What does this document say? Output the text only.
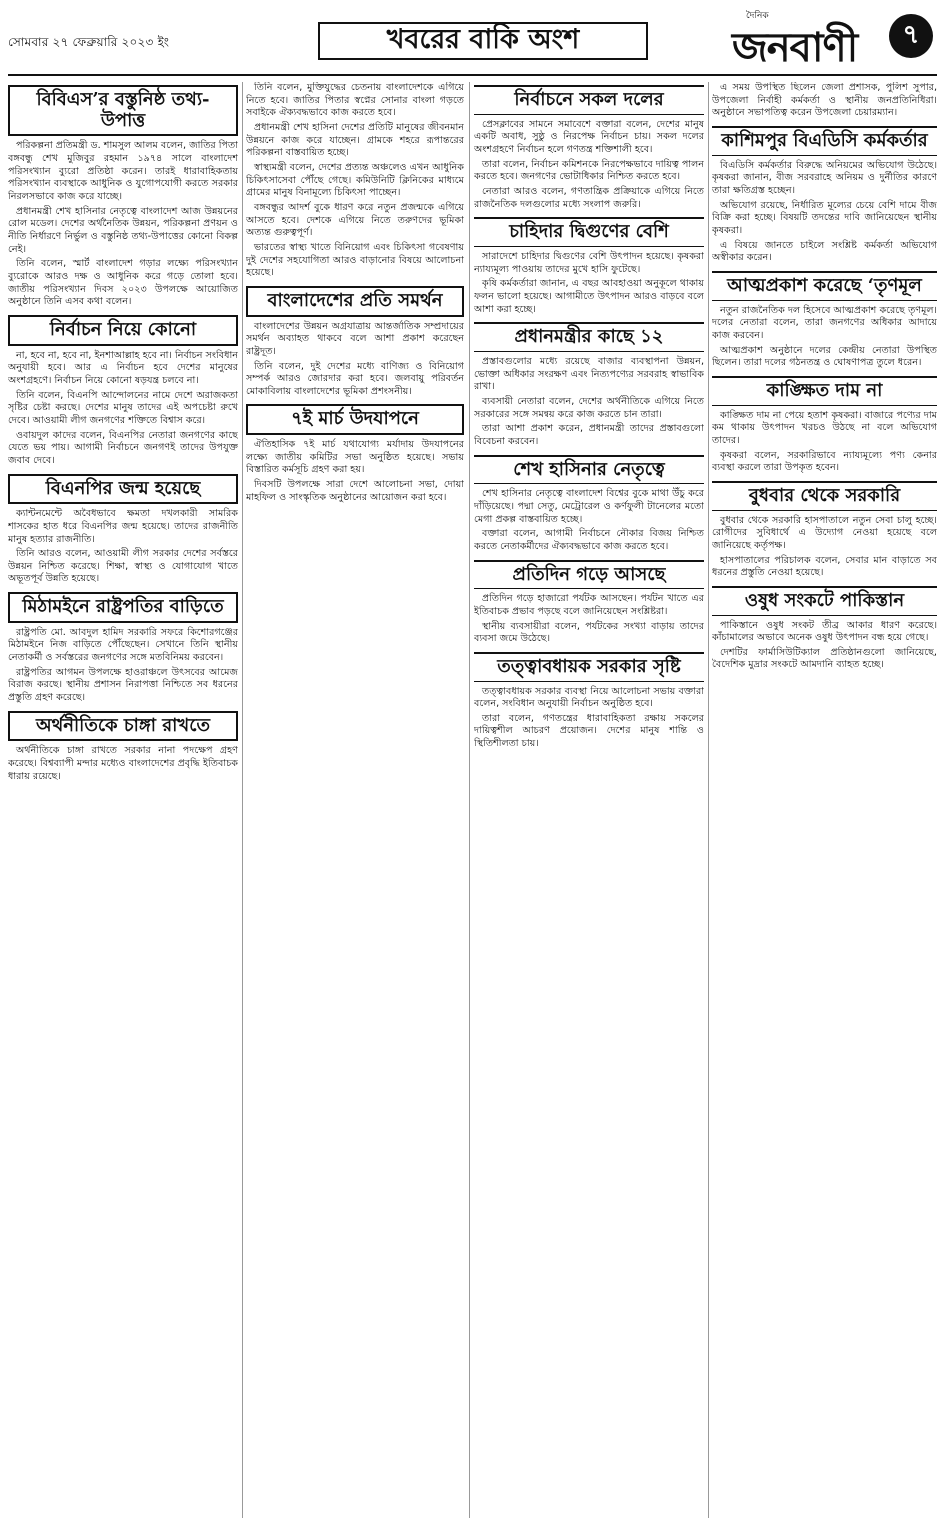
সোমবার ২৭ ফেব্রুয়ারি ২০২৩ ইং	খবরের বাকি অংশ
দৈনিক
জনবাণী	৭
বিবিএস’র বস্তুনিষ্ঠ তথ্য-উপাত্ত

পরিকল্পনা প্রতিমন্ত্রী ড. শামসুল আলম বলেন, জাতির পিতা বঙ্গবন্ধু শেখ মুজিবুর রহমান ১৯৭৪ সালে বাংলাদেশ পরিসংখ্যান ব্যুরো প্রতিষ্ঠা করেন। তারই ধারাবাহিকতায় পরিসংখ্যান ব্যবস্থাকে আধুনিক ও যুগোপযোগী করতে সরকার নিরলসভাবে কাজ করে যাচ্ছে।

প্রধানমন্ত্রী শেখ হাসিনার নেতৃত্বে বাংলাদেশ আজ উন্নয়নের রোল মডেল। দেশের অর্থনৈতিক উন্নয়ন, পরিকল্পনা প্রণয়ন ও নীতি নির্ধারণে নির্ভুল ও বস্তুনিষ্ঠ তথ্য-উপাত্তের কোনো বিকল্প নেই।

তিনি বলেন, স্মার্ট বাংলাদেশ গড়ার লক্ষ্যে পরিসংখ্যান ব্যুরোকে আরও দক্ষ ও আধুনিক করে গড়ে তোলা হবে। জাতীয় পরিসংখ্যান দিবস ২০২৩ উপলক্ষে আয়োজিত অনুষ্ঠানে তিনি এসব কথা বলেন।

নির্বাচন নিয়ে কোনো

না, হবে না, হবে না, ইনশাআল্লাহ হবে না। নির্বাচন সংবিধান অনুযায়ী হবে। আর এ নির্বাচন হবে দেশের মানুষের অংশগ্রহণে। নির্বাচন নিয়ে কোনো ষড়যন্ত্র চলবে না।

তিনি বলেন, বিএনপি আন্দোলনের নামে দেশে অরাজকতা সৃষ্টির চেষ্টা করছে। দেশের মানুষ তাদের এই অপচেষ্টা রুখে দেবে। আওয়ামী লীগ জনগণের শক্তিতে বিশ্বাস করে।

ওবায়দুল কাদের বলেন, বিএনপির নেতারা জনগণের কাছে যেতে ভয় পায়। আগামী নির্বাচনে জনগণই তাদের উপযুক্ত জবাব দেবে।

বিএনপির জন্ম হয়েছে

ক্যান্টনমেন্টে অবৈধভাবে ক্ষমতা দখলকারী সামরিক শাসকের হাত ধরে বিএনপির জন্ম হয়েছে। তাদের রাজনীতি মানুষ হত্যার রাজনীতি।

তিনি আরও বলেন, আওয়ামী লীগ সরকার দেশের সর্বস্তরে উন্নয়ন নিশ্চিত করেছে। শিক্ষা, স্বাস্থ্য ও যোগাযোগ খাতে অভূতপূর্ব উন্নতি হয়েছে।

মিঠামইনে রাষ্ট্রপতির বাড়িতে

রাষ্ট্রপতি মো. আবদুল হামিদ সরকারি সফরে কিশোরগঞ্জের মিঠামইনে নিজ বাড়িতে পৌঁছেছেন। সেখানে তিনি স্থানীয় নেতাকর্মী ও সর্বস্তরের জনগণের সঙ্গে মতবিনিময় করবেন।

রাষ্ট্রপতির আগমন উপলক্ষে হাওরাঞ্চলে উৎসবের আমেজ বিরাজ করছে। স্থানীয় প্রশাসন নিরাপত্তা নিশ্চিতে সব ধরনের প্রস্তুতি গ্রহণ করেছে।

অর্থনীতিকে চাঙ্গা রাখতে

অর্থনীতিকে চাঙ্গা রাখতে সরকার নানা পদক্ষেপ গ্রহণ করেছে। বিশ্বব্যাপী মন্দার মধ্যেও বাংলাদেশের প্রবৃদ্ধি ইতিবাচক ধারায় রয়েছে।

তিনি বলেন, মুক্তিযুদ্ধের চেতনায় বাংলাদেশকে এগিয়ে নিতে হবে। জাতির পিতার স্বপ্নের সোনার বাংলা গড়তে সবাইকে ঐক্যবদ্ধভাবে কাজ করতে হবে।

প্রধানমন্ত্রী শেখ হাসিনা দেশের প্রতিটি মানুষের জীবনমান উন্নয়নে কাজ করে যাচ্ছেন। গ্রামকে শহরে রূপান্তরের পরিকল্পনা বাস্তবায়িত হচ্ছে।

স্বাস্থ্যমন্ত্রী বলেন, দেশের প্রত্যন্ত অঞ্চলেও এখন আধুনিক চিকিৎসাসেবা পৌঁছে গেছে। কমিউনিটি ক্লিনিকের মাধ্যমে গ্রামের মানুষ বিনামূল্যে চিকিৎসা পাচ্ছেন।

বঙ্গবন্ধুর আদর্শ বুকে ধারণ করে নতুন প্রজন্মকে এগিয়ে আসতে হবে। দেশকে এগিয়ে নিতে তরুণদের ভূমিকা অত্যন্ত গুরুত্বপূর্ণ।

ভারতের স্বাস্থ্য খাতে বিনিয়োগ এবং চিকিৎসা গবেষণায় দুই দেশের সহযোগিতা আরও বাড়ানোর বিষয়ে আলোচনা হয়েছে।

বাংলাদেশের প্রতি সমর্থন

বাংলাদেশের উন্নয়ন অগ্রযাত্রায় আন্তর্জাতিক সম্প্রদায়ের সমর্থন অব্যাহত থাকবে বলে আশা প্রকাশ করেছেন রাষ্ট্রদূত।

তিনি বলেন, দুই দেশের মধ্যে বাণিজ্য ও বিনিয়োগ সম্পর্ক আরও জোরদার করা হবে। জলবায়ু পরিবর্তন মোকাবিলায় বাংলাদেশের ভূমিকা প্রশংসনীয়।

৭ই মার্চ উদযাপনে

ঐতিহাসিক ৭ই মার্চ যথাযোগ্য মর্যাদায় উদযাপনের লক্ষ্যে জাতীয় কমিটির সভা অনুষ্ঠিত হয়েছে। সভায় বিস্তারিত কর্মসূচি গ্রহণ করা হয়।

দিবসটি উপলক্ষে সারা দেশে আলোচনা সভা, দোয়া মাহফিল ও সাংস্কৃতিক অনুষ্ঠানের আয়োজন করা হবে।

নির্বাচনে সকল দলের

প্রেসক্লাবের সামনে সমাবেশে বক্তারা বলেন, দেশের মানুষ একটি অবাধ, সুষ্ঠু ও নিরপেক্ষ নির্বাচন চায়। সকল দলের অংশগ্রহণে নির্বাচন হলে গণতন্ত্র শক্তিশালী হবে।

তারা বলেন, নির্বাচন কমিশনকে নিরপেক্ষভাবে দায়িত্ব পালন করতে হবে। জনগণের ভোটাধিকার নিশ্চিত করতে হবে।

নেতারা আরও বলেন, গণতান্ত্রিক প্রক্রিয়াকে এগিয়ে নিতে রাজনৈতিক দলগুলোর মধ্যে সংলাপ জরুরি।

চাহিদার দ্বিগুণের বেশি

সারাদেশে চাহিদার দ্বিগুণের বেশি উৎপাদন হয়েছে। কৃষকরা ন্যায্যমূল্য পাওয়ায় তাদের মুখে হাসি ফুটেছে।

কৃষি কর্মকর্তারা জানান, এ বছর আবহাওয়া অনুকূলে থাকায় ফলন ভালো হয়েছে। আগামীতে উৎপাদন আরও বাড়বে বলে আশা করা হচ্ছে।

প্রধানমন্ত্রীর কাছে ১২

প্রস্তাবগুলোর মধ্যে রয়েছে বাজার ব্যবস্থাপনা উন্নয়ন, ভোক্তা অধিকার সংরক্ষণ এবং নিত্যপণ্যের সরবরাহ স্বাভাবিক রাখা।

ব্যবসায়ী নেতারা বলেন, দেশের অর্থনীতিকে এগিয়ে নিতে সরকারের সঙ্গে সমন্বয় করে কাজ করতে চান তারা।

তারা আশা প্রকাশ করেন, প্রধানমন্ত্রী তাদের প্রস্তাবগুলো বিবেচনা করবেন।

শেখ হাসিনার নেতৃত্বে

শেখ হাসিনার নেতৃত্বে বাংলাদেশ বিশ্বের বুকে মাথা উঁচু করে দাঁড়িয়েছে। পদ্মা সেতু, মেট্রোরেল ও কর্ণফুলী টানেলের মতো মেগা প্রকল্প বাস্তবায়িত হচ্ছে।

বক্তারা বলেন, আগামী নির্বাচনে নৌকার বিজয় নিশ্চিত করতে নেতাকর্মীদের ঐক্যবদ্ধভাবে কাজ করতে হবে।

প্রতিদিন গড়ে আসছে

প্রতিদিন গড়ে হাজারো পর্যটক আসছেন। পর্যটন খাতে এর ইতিবাচক প্রভাব পড়ছে বলে জানিয়েছেন সংশ্লিষ্টরা।

স্থানীয় ব্যবসায়ীরা বলেন, পর্যটকের সংখ্যা বাড়ায় তাদের ব্যবসা জমে উঠেছে।

তত্ত্বাবধায়ক সরকার সৃষ্টি

তত্ত্বাবধায়ক সরকার ব্যবস্থা নিয়ে আলোচনা সভায় বক্তারা বলেন, সংবিধান অনুযায়ী নির্বাচন অনুষ্ঠিত হবে।

তারা বলেন, গণতন্ত্রের ধারাবাহিকতা রক্ষায় সকলের দায়িত্বশীল আচরণ প্রয়োজন। দেশের মানুষ শান্তি ও স্থিতিশীলতা চায়।

এ সময় উপস্থিত ছিলেন জেলা প্রশাসক, পুলিশ সুপার, উপজেলা নির্বাহী কর্মকর্তা ও স্থানীয় জনপ্রতিনিধিরা। অনুষ্ঠানে সভাপতিত্ব করেন উপজেলা চেয়ারম্যান।

কাশিমপুর বিএডিসি কর্মকর্তার

বিএডিসি কর্মকর্তার বিরুদ্ধে অনিয়মের অভিযোগ উঠেছে। কৃষকরা জানান, বীজ সরবরাহে অনিয়ম ও দুর্নীতির কারণে তারা ক্ষতিগ্রস্ত হচ্ছেন।

অভিযোগ রয়েছে, নির্ধারিত মূল্যের চেয়ে বেশি দামে বীজ বিক্রি করা হচ্ছে। বিষয়টি তদন্তের দাবি জানিয়েছেন স্থানীয় কৃষকরা।

এ বিষয়ে জানতে চাইলে সংশ্লিষ্ট কর্মকর্তা অভিযোগ অস্বীকার করেন।

আত্মপ্রকাশ করেছে ‘তৃণমূল

নতুন রাজনৈতিক দল হিসেবে আত্মপ্রকাশ করেছে তৃণমূল। দলের নেতারা বলেন, তারা জনগণের অধিকার আদায়ে কাজ করবেন।

আত্মপ্রকাশ অনুষ্ঠানে দলের কেন্দ্রীয় নেতারা উপস্থিত ছিলেন। তারা দলের গঠনতন্ত্র ও ঘোষণাপত্র তুলে ধরেন।

কাঙ্ক্ষিত দাম না

কাঙ্ক্ষিত দাম না পেয়ে হতাশ কৃষকরা। বাজারে পণ্যের দাম কম থাকায় উৎপাদন খরচও উঠছে না বলে অভিযোগ তাদের।

কৃষকরা বলেন, সরকারিভাবে ন্যায্যমূল্যে পণ্য কেনার ব্যবস্থা করলে তারা উপকৃত হবেন।

বুধবার থেকে সরকারি

বুধবার থেকে সরকারি হাসপাতালে নতুন সেবা চালু হচ্ছে। রোগীদের সুবিধার্থে এ উদ্যোগ নেওয়া হয়েছে বলে জানিয়েছে কর্তৃপক্ষ।

হাসপাতালের পরিচালক বলেন, সেবার মান বাড়াতে সব ধরনের প্রস্তুতি নেওয়া হয়েছে।

ওষুধ সংকটে পাকিস্তান

পাকিস্তানে ওষুধ সংকট তীব্র আকার ধারণ করেছে। কাঁচামালের অভাবে অনেক ওষুধ উৎপাদন বন্ধ হয়ে গেছে।

দেশটির ফার্মাসিউটিক্যাল প্রতিষ্ঠানগুলো জানিয়েছে, বৈদেশিক মুদ্রার সংকটে আমদানি ব্যাহত হচ্ছে।
